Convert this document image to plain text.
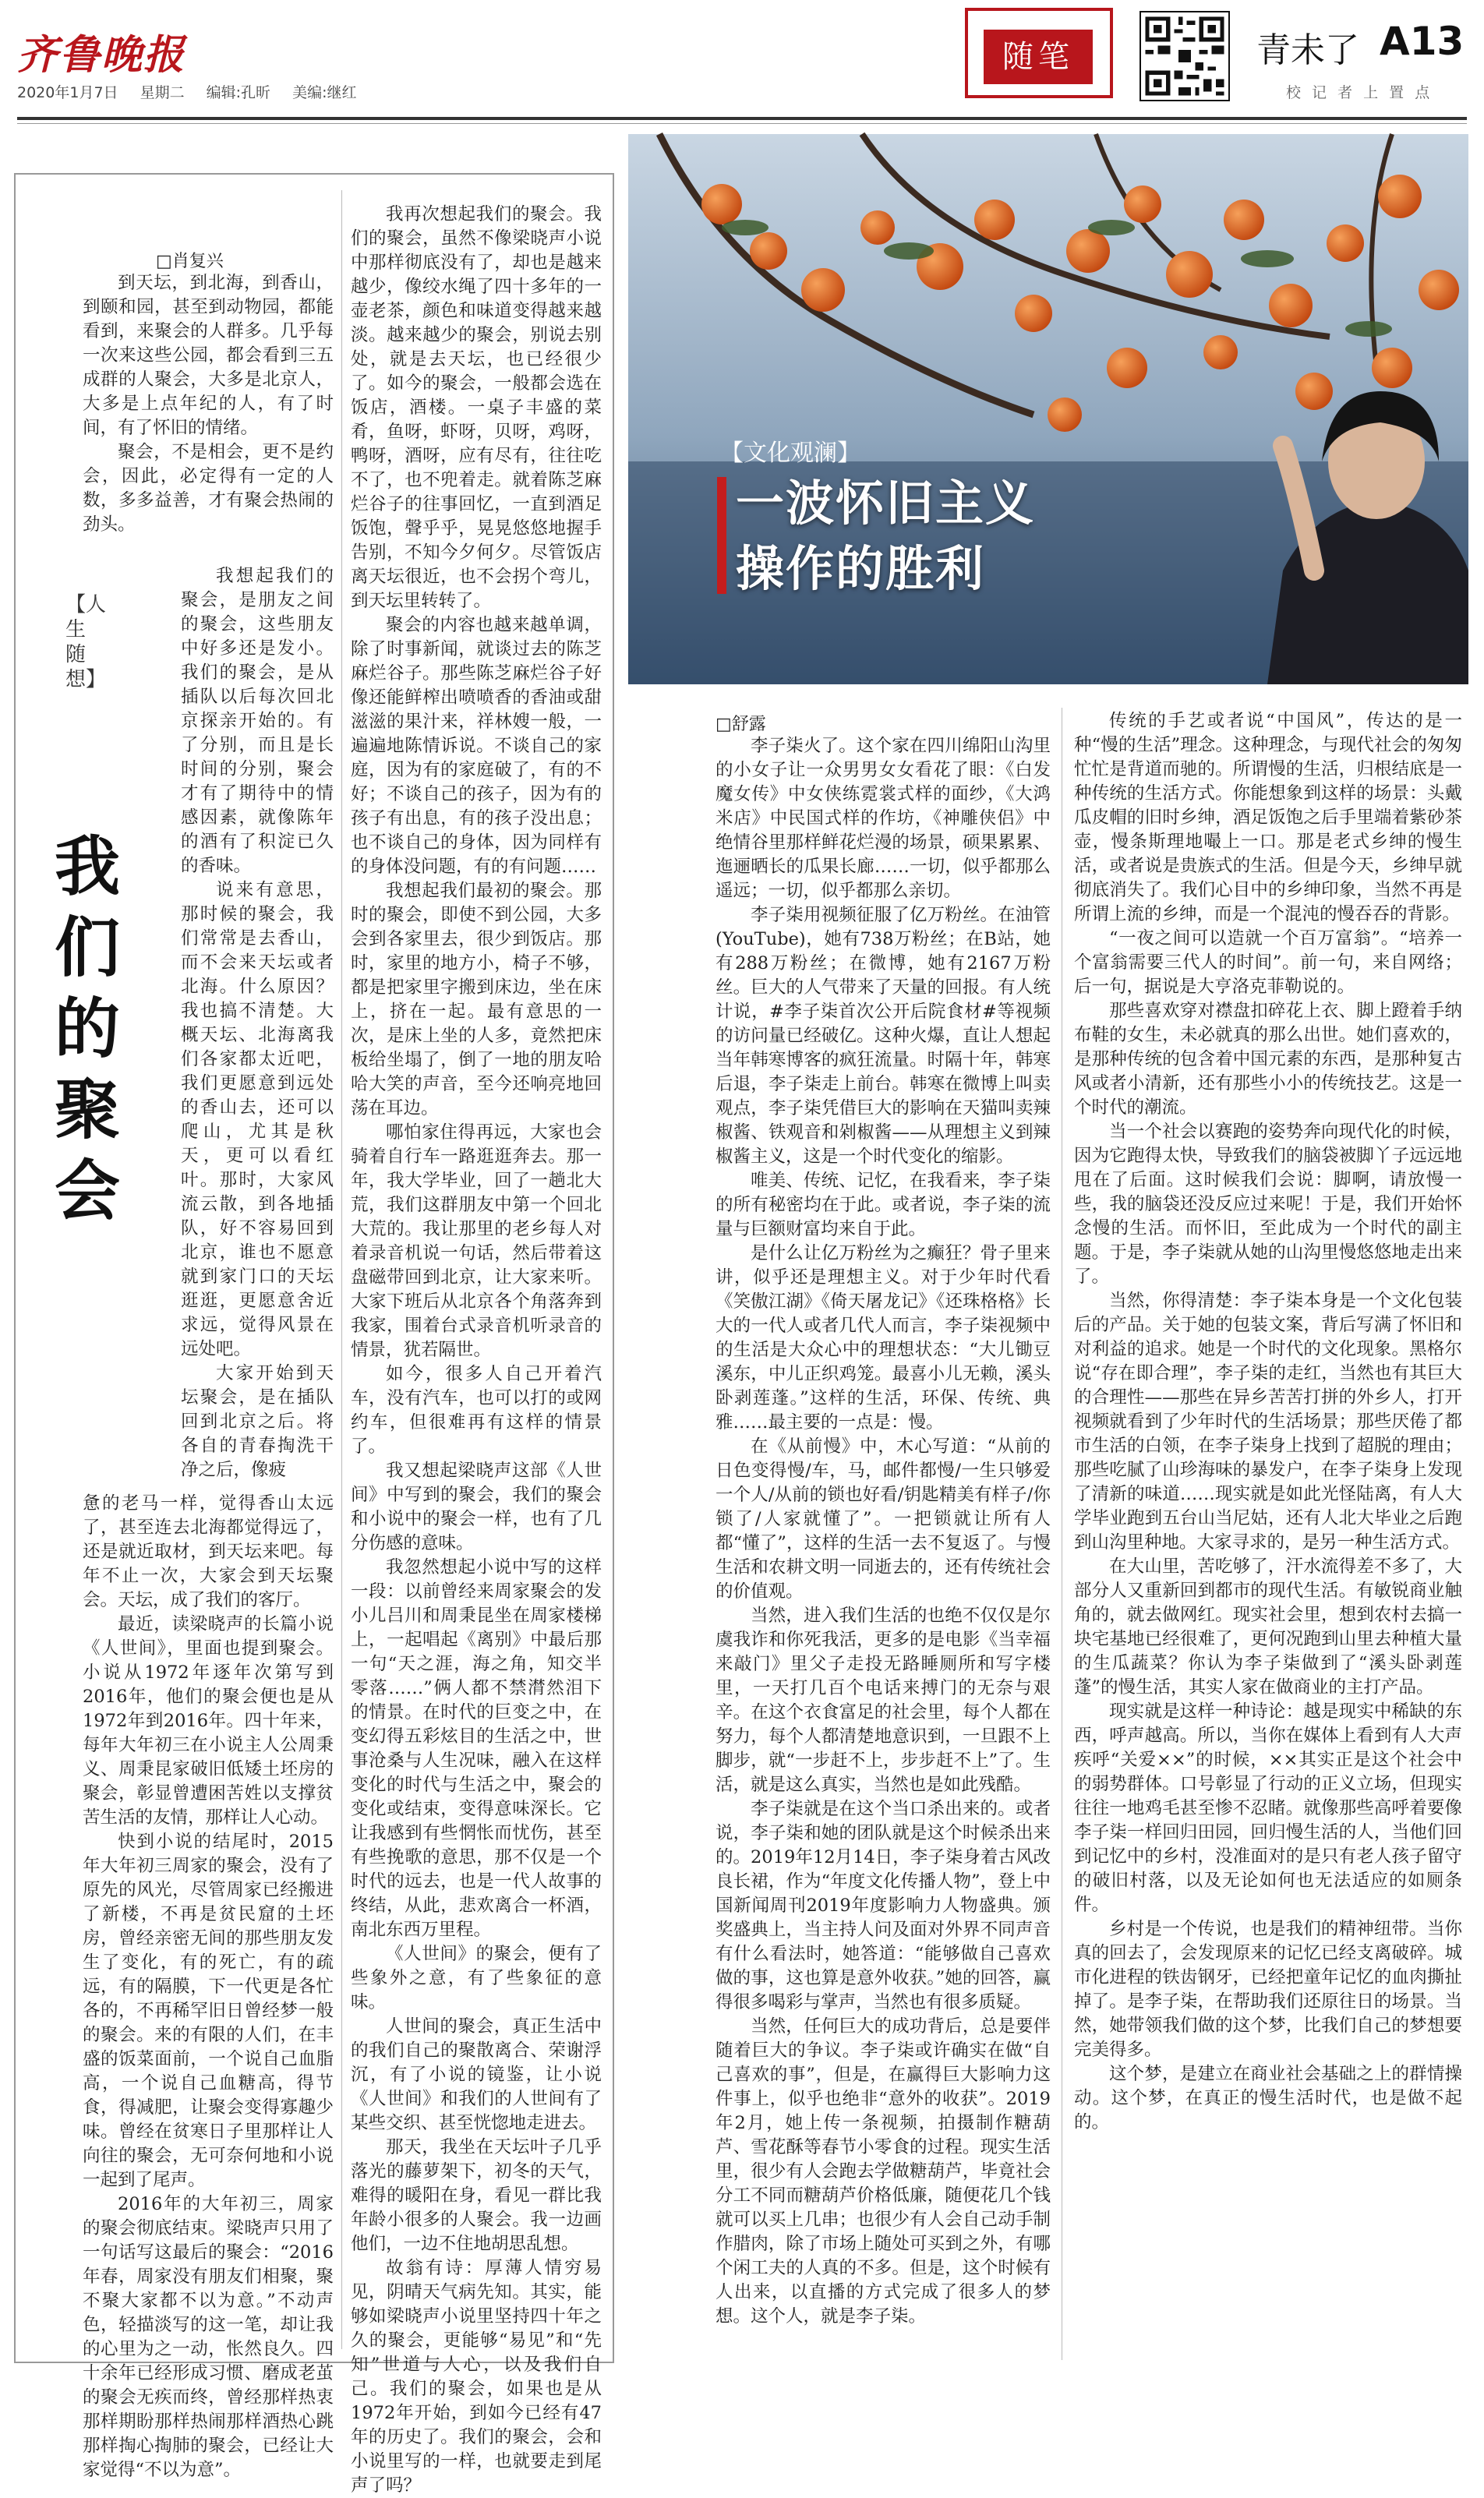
齐鲁晚报
2020年1月7日 星期二 编辑:孔昕 美编:继红
随笔	青未了 A13
校 记 者 上 置 点
【文化观澜】
一波怀旧主义
操作的胜利
□肖复兴
【人生随想】
我们的聚会

到天坛，到北海，到香山，到颐和园，甚至到动物园，都能看到，来聚会的人群多。几乎每一次来这些公园，都会看到三五成群的人聚会，大多是北京人，大多是上点年纪的人，有了时间，有了怀旧的情绪。

聚会，不是相会，更不是约会，因此，必定得有一定的人数，多多益善，才有聚会热闹的劲头。

我想起我们的聚会，是朋友之间的聚会，这些朋友中好多还是发小。我们的聚会，是从插队以后每次回北京探亲开始的。有了分别，而且是长时间的分别，聚会才有了期待中的情感因素，就像陈年的酒有了积淀已久的香味。

说来有意思，那时候的聚会，我们常常是去香山，而不会来天坛或者北海。什么原因？我也搞不清楚。大概天坛、北海离我们各家都太近吧，我们更愿意到远处的香山去，还可以爬山，尤其是秋天，更可以看红叶。那时，大家风流云散，到各地插队，好不容易回到北京，谁也不愿意就到家门口的天坛逛逛，更愿意舍近求远，觉得风景在远处吧。

大家开始到天坛聚会，是在插队回到北京之后。将各自的青春掏洗干净之后，像疲

惫的老马一样，觉得香山太远了，甚至连去北海都觉得远了，还是就近取材，到天坛来吧。每年不止一次，大家会到天坛聚会。天坛，成了我们的客厅。

最近，读梁晓声的长篇小说《人世间》，里面也提到聚会。小说从1972年逐年次第写到2016年，他们的聚会便也是从1972年到2016年。四十年来，每年大年初三在小说主人公周秉义、周秉昆家破旧低矮土坯房的聚会，彰显曾遭困苦姓以支撑贫苦生活的友情，那样让人心动。

快到小说的结尾时，2015年大年初三周家的聚会，没有了原先的风光，尽管周家已经搬进了新楼，不再是贫民窟的土坯房，曾经亲密无间的那些朋友发生了变化，有的死亡，有的疏远，有的隔膜，下一代更是各忙各的，不再稀罕旧日曾经梦一般的聚会。来的有限的人们，在丰盛的饭菜面前，一个说自己血脂高，一个说自己血糖高，得节食，得减肥，让聚会变得寡趣少味。曾经在贫寒日子里那样让人向往的聚会，无可奈何地和小说一起到了尾声。

2016年的大年初三，周家的聚会彻底结束。梁晓声只用了一句话写这最后的聚会：“2016年春，周家没有朋友们相聚，聚不聚大家都不以为意。”不动声色，轻描淡写的这一笔，却让我的心里为之一动，怅然良久。四十余年已经形成习惯、磨成老茧的聚会无疾而终，曾经那样热衷那样期盼那样热闹那样酒热心跳那样掏心掏肺的聚会，已经让大家觉得“不以为意”。

我再次想起我们的聚会。我们的聚会，虽然不像梁晓声小说中那样彻底没有了，却也是越来越少，像绞水绳了四十多年的一壶老茶，颜色和味道变得越来越淡。越来越少的聚会，别说去别处，就是去天坛，也已经很少了。如今的聚会，一般都会选在饭店，酒楼。一桌子丰盛的菜肴，鱼呀，虾呀，贝呀，鸡呀，鸭呀，酒呀，应有尽有，往往吃不了，也不兜着走。就着陈芝麻烂谷子的往事回忆，一直到酒足饭饱，聲乎乎，晃晃悠悠地握手告别，不知今夕何夕。尽管饭店离天坛很近，也不会拐个弯儿，到天坛里转转了。

聚会的内容也越来越单调，除了时事新闻，就谈过去的陈芝麻烂谷子。那些陈芝麻烂谷子好像还能鲜榨出喷喷香的香油或甜滋滋的果汁来，祥林嫂一般，一遍遍地陈情诉说。不谈自己的家庭，因为有的家庭破了，有的不好；不谈自己的孩子，因为有的孩子有出息，有的孩子没出息；也不谈自己的身体，因为同样有的身体没问题，有的有问题……

我想起我们最初的聚会。那时的聚会，即使不到公园，大多会到各家里去，很少到饭店。那时，家里的地方小，椅子不够，都是把家里字搬到床边，坐在床上，挤在一起。最有意思的一次，是床上坐的人多，竟然把床板给坐塌了，倒了一地的朋友哈哈大笑的声音，至今还响亮地回荡在耳边。

哪怕家住得再远，大家也会骑着自行车一路逛逛奔去。那一年，我大学毕业，回了一趟北大荒，我们这群朋友中第一个回北大荒的。我让那里的老乡每人对着录音机说一句话，然后带着这盘磁带回到北京，让大家来听。大家下班后从北京各个角落奔到我家，围着台式录音机听录音的情景，犹若隔世。

如今，很多人自己开着汽车，没有汽车，也可以打的或网约车，但很难再有这样的情景了。

我又想起梁晓声这部《人世间》中写到的聚会，我们的聚会和小说中的聚会一样，也有了几分伤感的意味。

我忽然想起小说中写的这样一段：以前曾经来周家聚会的发小儿吕川和周秉昆坐在周家楼梯上，一起唱起《离别》中最后那一句“天之涯，海之角，知交半零落……”俩人都不禁潸然泪下的情景。在时代的巨变之中，在变幻得五彩炫目的生活之中，世事沧桑与人生况味，融入在这样变化的时代与生活之中，聚会的变化或结束，变得意味深长。它让我感到有些惘怅而忧伤，甚至有些挽歌的意思，那不仅是一个时代的远去，也是一代人故事的终结，从此，悲欢离合一杯酒，南北东西万里程。

《人世间》的聚会，便有了些象外之意，有了些象征的意味。

人世间的聚会，真正生活中的我们自己的聚散离合、荣谢浮沉，有了小说的镜鉴，让小说《人世间》和我们的人世间有了某些交织、甚至恍惚地走进去。

那天，我坐在天坛叶子几乎落光的藤萝架下，初冬的天气，难得的暖阳在身，看见一群比我年龄小很多的人聚会。我一边画他们，一边不住地胡思乱想。

故翁有诗：厚薄人情穷易见，阴晴天气病先知。其实，能够如梁晓声小说里坚持四十年之久的聚会，更能够“易见”和“先知”世道与人心，以及我们自己。我们的聚会，如果也是从1972年开始，到如今已经有47年的历史了。我们的聚会，会和小说里写的一样，也就要走到尾声了吗？

□舒露

李子柒火了。这个家在四川绵阳山沟里的小女子让一众男男女女看花了眼：《白发魔女传》中女侠练霓裳式样的面纱，《大鸿米店》中民国式样的作坊，《神雕侠侣》中绝情谷里那样鲜花烂漫的场景，硕果累累、迤逦晒长的瓜果长廊……一切，似乎都那么遥远；一切，似乎都那么亲切。

李子柒用视频征服了亿万粉丝。在油管(YouTube)，她有738万粉丝；在B站，她有288万粉丝；在微博，她有2167万粉丝。巨大的人气带来了天量的回报。有人统计说，#李子柒首次公开后院食材#等视频的访问量已经破亿。这种火爆，直让人想起当年韩寒博客的疯狂流量。时隔十年，韩寒后退，李子柒走上前台。韩寒在微博上叫卖观点，李子柒凭借巨大的影响在天猫叫卖辣椒酱、铁观音和剁椒酱——从理想主义到辣椒酱主义，这是一个时代变化的缩影。

唯美、传统、记忆，在我看来，李子柒的所有秘密均在于此。或者说，李子柒的流量与巨额财富均来自于此。

是什么让亿万粉丝为之癫狂？骨子里来讲，似乎还是理想主义。对于少年时代看《笑傲江湖》《倚天屠龙记》《还珠格格》长大的一代人或者几代人而言，李子柒视频中的生活是大众心中的理想状态：“大儿锄豆溪东，中儿正织鸡笼。最喜小儿无赖，溪头卧剥莲蓬。”这样的生活，环保、传统、典雅……最主要的一点是：慢。

在《从前慢》中，木心写道：“从前的日色变得慢/车，马，邮件都慢/一生只够爱一个人/从前的锁也好看/钥匙精美有样子/你锁了/人家就懂了”。一把锁就让所有人都“懂了”，这样的生活一去不复返了。与慢生活和农耕文明一同逝去的，还有传统社会的价值观。

当然，进入我们生活的也绝不仅仅是尔虞我诈和你死我活，更多的是电影《当幸福来敲门》里父子走投无路睡厕所和写字楼里，一天打几百个电话来搏门的无奈与艰辛。在这个衣食富足的社会里，每个人都在努力，每个人都清楚地意识到，一旦跟不上脚步，就“一步赶不上，步步赶不上”了。生活，就是这么真实，当然也是如此残酷。

李子柒就是在这个当口杀出来的。或者说，李子柒和她的团队就是这个时候杀出来的。2019年12月14日，李子柒身着古风改良长裙，作为“年度文化传播人物”，登上中国新闻周刊2019年度影响力人物盛典。颁奖盛典上，当主持人问及面对外界不同声音有什么看法时，她答道：“能够做自己喜欢做的事，这也算是意外收获。”她的回答，赢得很多喝彩与掌声，当然也有很多质疑。

当然，任何巨大的成功背后，总是要伴随着巨大的争议。李子柒或许确实在做“自己喜欢的事”，但是，在赢得巨大影响力这件事上，似乎也绝非“意外的收获”。2019年2月，她上传一条视频，拍摄制作糖葫芦、雪花酥等春节小零食的过程。现实生活里，很少有人会跑去学做糖葫芦，毕竟社会分工不同而糖葫芦价格低廉，随便花几个钱就可以买上几串；也很少有人会自己动手制作腊肉，除了市场上随处可买到之外，有哪个闲工夫的人真的不多。但是，这个时候有人出来，以直播的方式完成了很多人的梦想。这个人，就是李子柒。

传统的手艺或者说“中国风”，传达的是一种“慢的生活”理念。这种理念，与现代社会的匆匆忙忙是背道而驰的。所谓慢的生活，归根结底是一种传统的生活方式。你能想象到这样的场景：头戴瓜皮帽的旧时乡绅，酒足饭饱之后手里端着紫砂茶壶，慢条斯理地嘬上一口。那是老式乡绅的慢生活，或者说是贵族式的生活。但是今天，乡绅早就彻底消失了。我们心目中的乡绅印象，当然不再是所谓上流的乡绅，而是一个混沌的慢吞吞的背影。

“一夜之间可以造就一个百万富翁”。“培养一个富翁需要三代人的时间”。前一句，来自网络；后一句，据说是大亨洛克菲勒说的。

那些喜欢穿对襟盘扣碎花上衣、脚上蹬着手纳布鞋的女生，未必就真的那么出世。她们喜欢的，是那种传统的包含着中国元素的东西，是那种复古风或者小清新，还有那些小小的传统技艺。这是一个时代的潮流。

当一个社会以赛跑的姿势奔向现代化的时候，因为它跑得太快，导致我们的脑袋被脚丫子远远地甩在了后面。这时候我们会说：脚啊，请放慢一些，我的脑袋还没反应过来呢！于是，我们开始怀念慢的生活。而怀旧，至此成为一个时代的副主题。于是，李子柒就从她的山沟里慢悠悠地走出来了。

当然，你得清楚：李子柒本身是一个文化包装后的产品。关于她的包装文案，背后写满了怀旧和对利益的追求。她是一个时代的文化现象。黑格尔说“存在即合理”，李子柒的走红，当然也有其巨大的合理性——那些在异乡苦苦打拼的外乡人，打开视频就看到了少年时代的生活场景；那些厌倦了都市生活的白领，在李子柒身上找到了超脱的理由；那些吃腻了山珍海味的暴发户，在李子柒身上发现了清新的味道……现实就是如此光怪陆离，有人大学毕业跑到五台山当尼姑，还有人北大毕业之后跑到山沟里种地。大家寻求的，是另一种生活方式。

在大山里，苦吃够了，汗水流得差不多了，大部分人又重新回到都市的现代生活。有敏锐商业触角的，就去做网红。现实社会里，想到农村去搞一块宅基地已经很难了，更何况跑到山里去种植大量的生瓜蔬菜？你认为李子柒做到了“溪头卧剥莲蓬”的慢生活，其实人家在做商业的主打产品。

现实就是这样一种诗论：越是现实中稀缺的东西，呼声越高。所以，当你在媒体上看到有人大声疾呼“关爱××”的时候，××其实正是这个社会中的弱势群体。口号彰显了行动的正义立场，但现实往往一地鸡毛甚至惨不忍睹。就像那些高呼着要像李子柒一样回归田园，回归慢生活的人，当他们回到记忆中的乡村，没准面对的是只有老人孩子留守的破旧村落，以及无论如何也无法适应的如厕条件。

乡村是一个传说，也是我们的精神纽带。当你真的回去了，会发现原来的记忆已经支离破碎。城市化进程的铁齿钢牙，已经把童年记忆的血肉撕扯掉了。是李子柒，在帮助我们还原往日的场景。当然，她带领我们做的这个梦，比我们自己的梦想要完美得多。

这个梦，是建立在商业社会基础之上的群情操动。这个梦，在真正的慢生活时代，也是做不起的。
